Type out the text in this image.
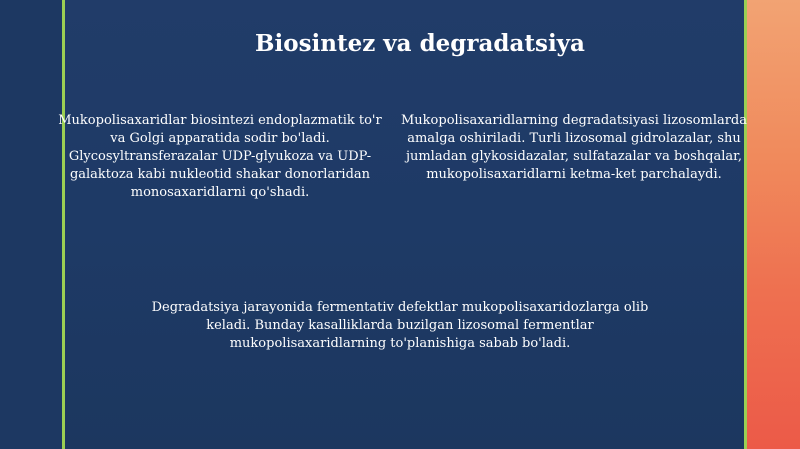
Biosintez va degradatsiya

Mukopolisaxaridlar biosintezi endoplazmatik to'r va Golgi apparatida sodir bo'ladi. Glycosyltransferazalar UDP-glyukoza va UDP-galaktoza kabi nukleotid shakar donorlaridan monosaxaridlarni qo'shadi.

Mukopolisaxaridlarning degradatsiyasi lizosomlarda amalga oshiriladi. Turli lizosomal gidrolazalar, shu jumladan glykosidazalar, sulfatazalar va boshqalar, mukopolisaxaridlarni ketma-ket parchalaydi.

Degradatsiya jarayonida fermentativ defektlar mukopolisaxaridozlarga olib keladi. Bunday kasalliklarda buzilgan lizosomal fermentlar mukopolisaxaridlarning to'planishiga sabab bo'ladi.
